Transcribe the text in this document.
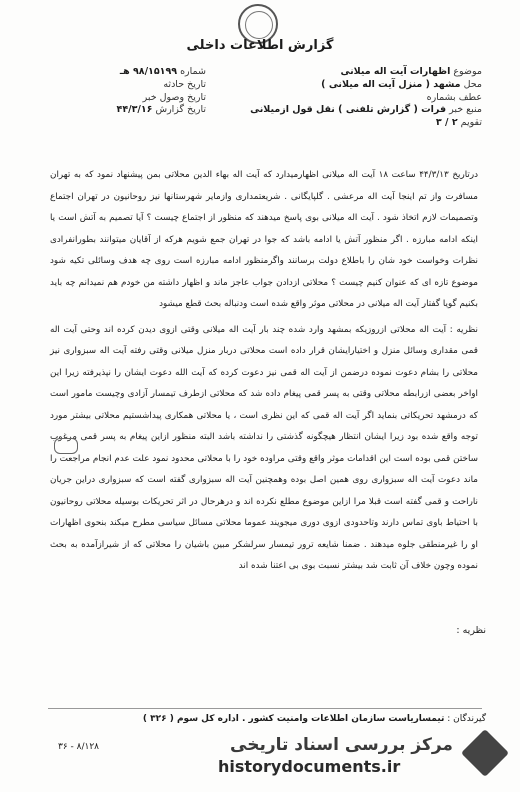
گزارش اطلاعات داخلی
موضوع اظهارات آیت اله میلانی
محل مشهد ( منزل آیت اله میلانی )
عطف بشماره
منبع خبر فرات ( گزارش تلفنی ) نقل قول ازمیلانی
تقویم ۲ / ۳
شماره ۹۸/۱۵۱۹۹ هـ
تاریخ حادثه
تاریخ وصول خبر
تاریخ گزارش ۴۴/۳/۱۶

درتاریخ ۴۴/۳/۱۳ ساعت ۱۸ آیت اله میلانی اظهارمیدارد که آیت اله بهاء الدین محلاتی بمن پیشنهاد نمود که به تهران مسافرت واز تم اینجا آیت اله مرعشی . گلپایگانی . شریعتمداری وازمایر شهرستانها نیز روحانیون در تهران اجتماع وتصمیمات لازم اتخاذ شود . آیت اله میلانی بوی پاسخ میدهند که منظور از اجتماع چیست ؟ آیا تصمیم به آتش است یا اینکه ادامه مبارزه . اگر منظور آتش یا ادامه باشد که جوا در تهران جمع شویم هرکه از آقایان میتوانند بطورانفرادی نظرات وخواست خود شان را باطلاع دولت برسانند واگرمنظور ادامه مبارزه است روی چه هدف وسائلی تکیه شود موضوع تازه ای که عنوان کنیم چیست ؟ محلاتی ازدادن جواب عاجز ماند و اظهار داشته من خودم هم نمیدانم چه باید بکنیم گویا گفتار آیت اله میلانی در محلاتی موثر واقع شده است ودنباله بحث قطع میشود

نظریه : آیت اله محلاتی ازروزیکه بمشهد وارد شده چند بار آیت اله میلانی وقتی ازوی دیدن کرده اند وحتی آیت اله قمی مقداری وسائل منزل و اختیارایشان قرار داده است محلاتی دربار منزل میلانی وقتی رفته آیت اله سبزواری نیز محلاتی را بشام دعوت نموده درضمن از آیت اله قمی نیز دعوت کرده که آیت الله دعوت ایشان را نپذیرفته زیرا این اواخر بعضی ازرابطه محلاتی وقتی به پسر قمی پیغام داده شد که محلاتی ازطرف تیمسار آزادی وچیست مامور است که درمشهد تحریکاتی بنماید اگر آیت اله قمی که این نظری است ، یا محلاتی همکاری پیداشستیم محلاتی بیشتر مورد توجه واقع شده بود زیرا ایشان انتظار هیچگونه گذشتی را نداشته باشد البته منظور ازاین پیغام به پسر قمی مرغوب ساختن قمی بوده است این اقدامات موثر واقع وقتی مراوده خود را با محلاتی محدود نمود علت عدم انجام مراجعت را ماند دعوت آیت اله سبزواری روی همین اصل بوده وهمچنین آیت اله سبزواری گفته است که سبزواری دراین جریان ناراحت و قمی گفته است قبلا مرا ازاین موضوع مطلع نکرده اند و درهرحال در اثر تحریکات بوسیله محلاتی روحانیون با احتیاط باوی تماس دارند وتاحدودی ازوی دوری میجویند عموما محلاتی مسائل سیاسی مطرح میکند بنحوی اظهارات او را غیرمنطقی جلوه میدهند . ضمنا شایعه ترور تیمسار سرلشکر مبین باشیان را محلاتی که از شیرازآمده به بحث نموده وچون خلاف آن ثابت شد بیشتر نسبت بوی بی اعتنا شده اند

نظریه :
گیرندگان : تیمساریاست سازمان اطلاعات وامنیت کشور . اداره کل سوم ( ۳۲۶ )
۳۶ - ۸/۱۲۸	مرکز بررسی اسناد تاریخی
historydocuments.ir
